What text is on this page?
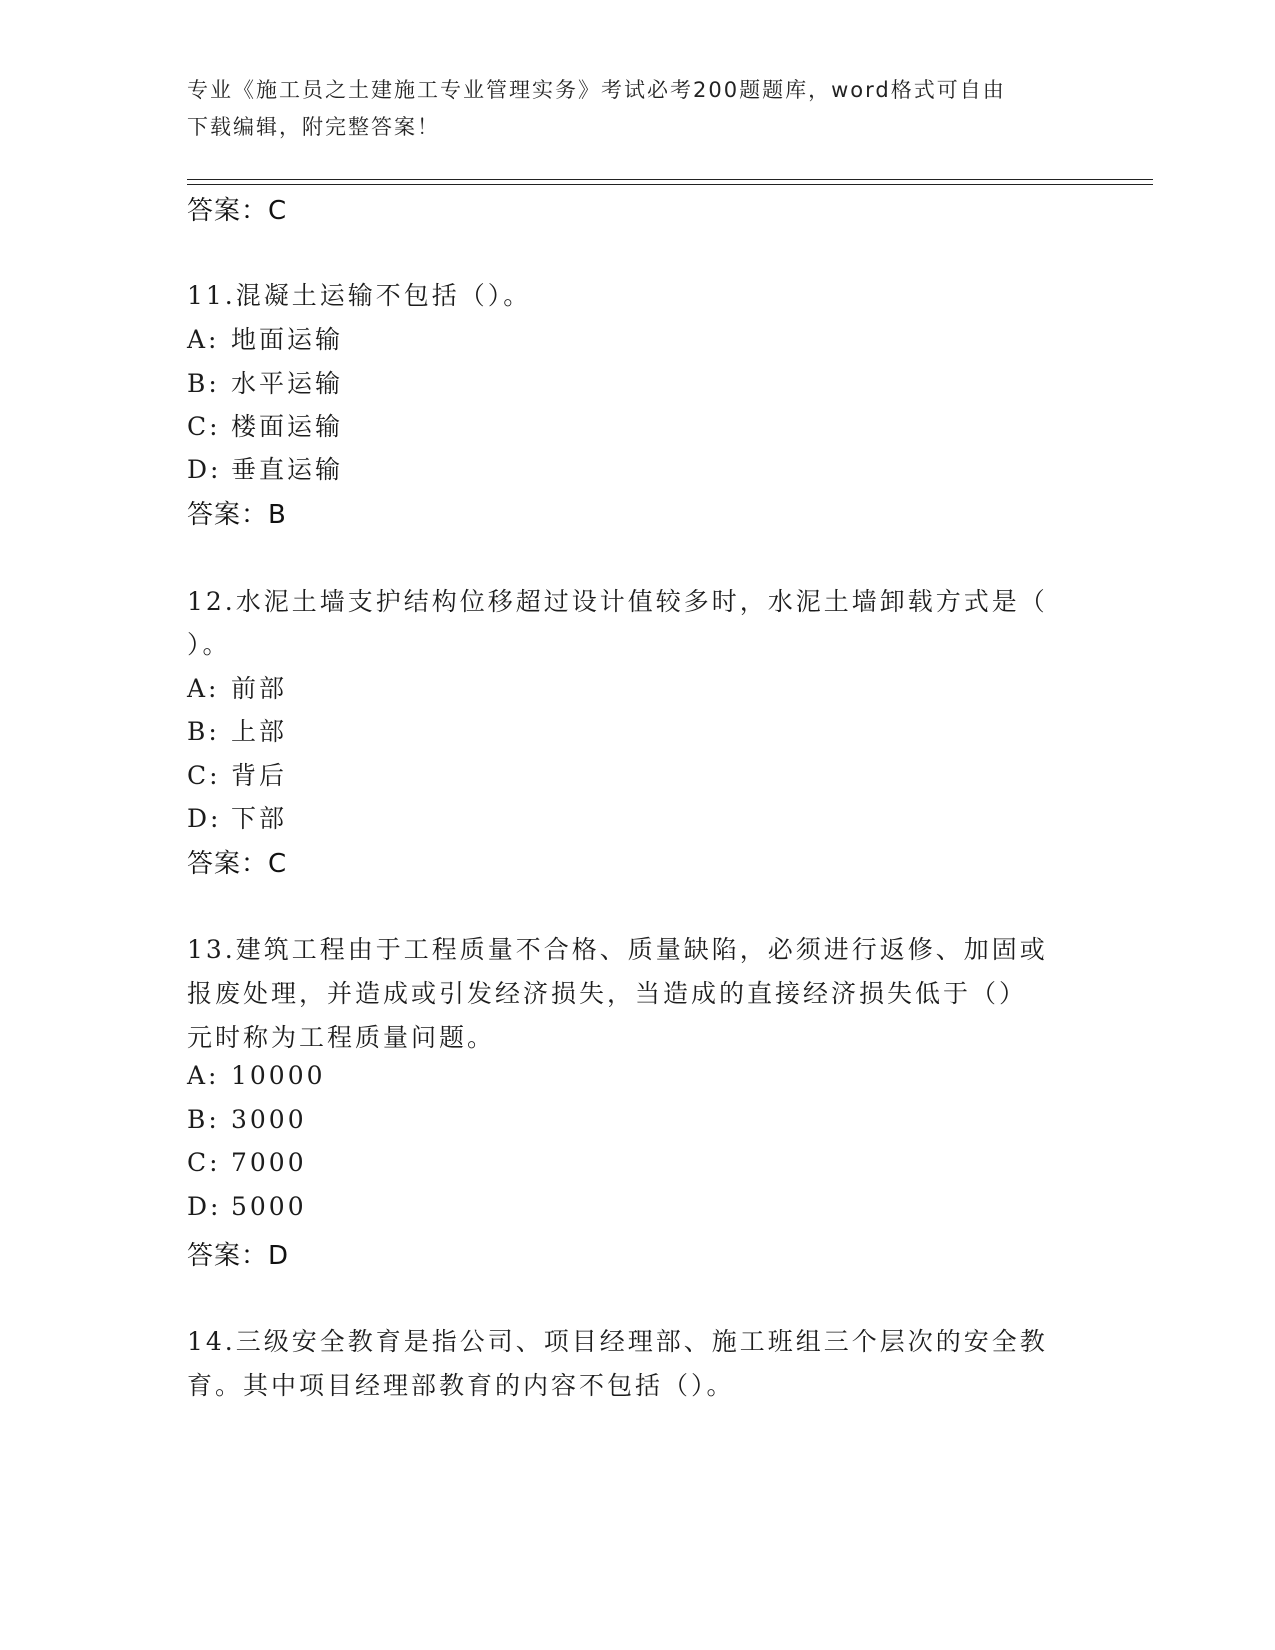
专业《施工员之土建施工专业管理实务》考试必考200题题库，word格式可自由
下载编辑，附完整答案！
答案：C
11.混凝土运输不包括（）。
A: 地面运输
B: 水平运输
C: 楼面运输
D: 垂直运输
答案：B
12.水泥土墙支护结构位移超过设计值较多时，水泥土墙卸载方式是（
）。
A: 前部
B: 上部
C: 背后
D: 下部
答案：C
13.建筑工程由于工程质量不合格、质量缺陷，必须进行返修、加固或
报废处理，并造成或引发经济损失，当造成的直接经济损失低于（）
元时称为工程质量问题。
A: 10000
B: 3000
C: 7000
D: 5000
答案：D
14.三级安全教育是指公司、项目经理部、施工班组三个层次的安全教
育。其中项目经理部教育的内容不包括（）。
